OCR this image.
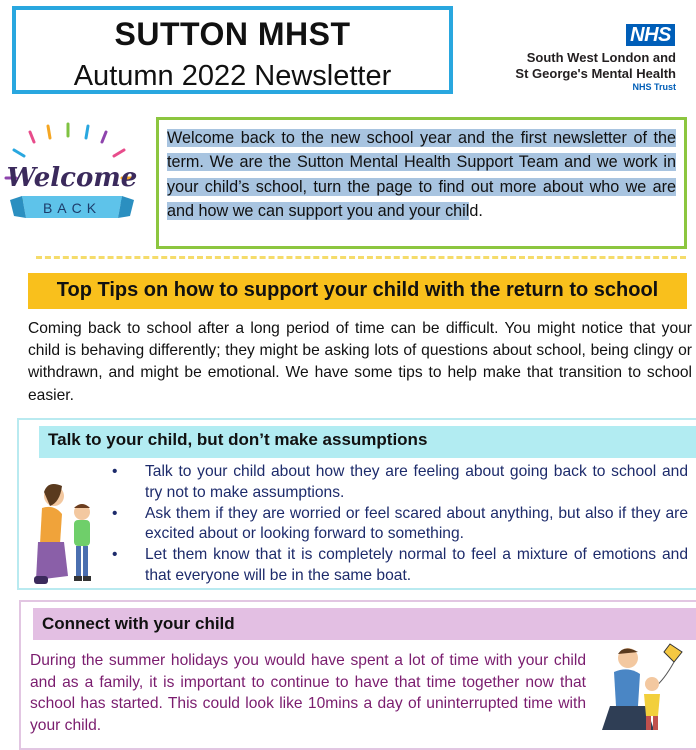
SUTTON MHST
Autumn 2022 Newsletter
NHS
South West London and
St George's Mental Health
NHS Trust
Welcome
BACK
Welcome back to the new school year and the first newsletter of the term. We are the Sutton Mental Health Support Team and we work in your child’s school, turn the page to find out more about who we are and how we can support you and your child.
Top Tips on how to support your child with the return to school
Coming back to school after a long period of time can be difficult. You might notice that your child is behaving differently; they might be asking lots of questions about school, being clingy or withdrawn, and might be emotional. We have some tips to help make that transition to school easier.
Talk to your child, but don’t make assumptions
• Talk to your child about how they are feeling about going back to school and try not to make assumptions.
• Ask them if they are worried or feel scared about anything, but also if they are excited about or looking forward to something.
• Let them know that it is completely normal to feel a mixture of emotions and that everyone will be in the same boat.
Connect with your child
During the summer holidays you would have spent a lot of time with your child and as a family, it is important to continue to have that time together now that school has started. This could look like 10mins a day of uninterrupted time with your child.
